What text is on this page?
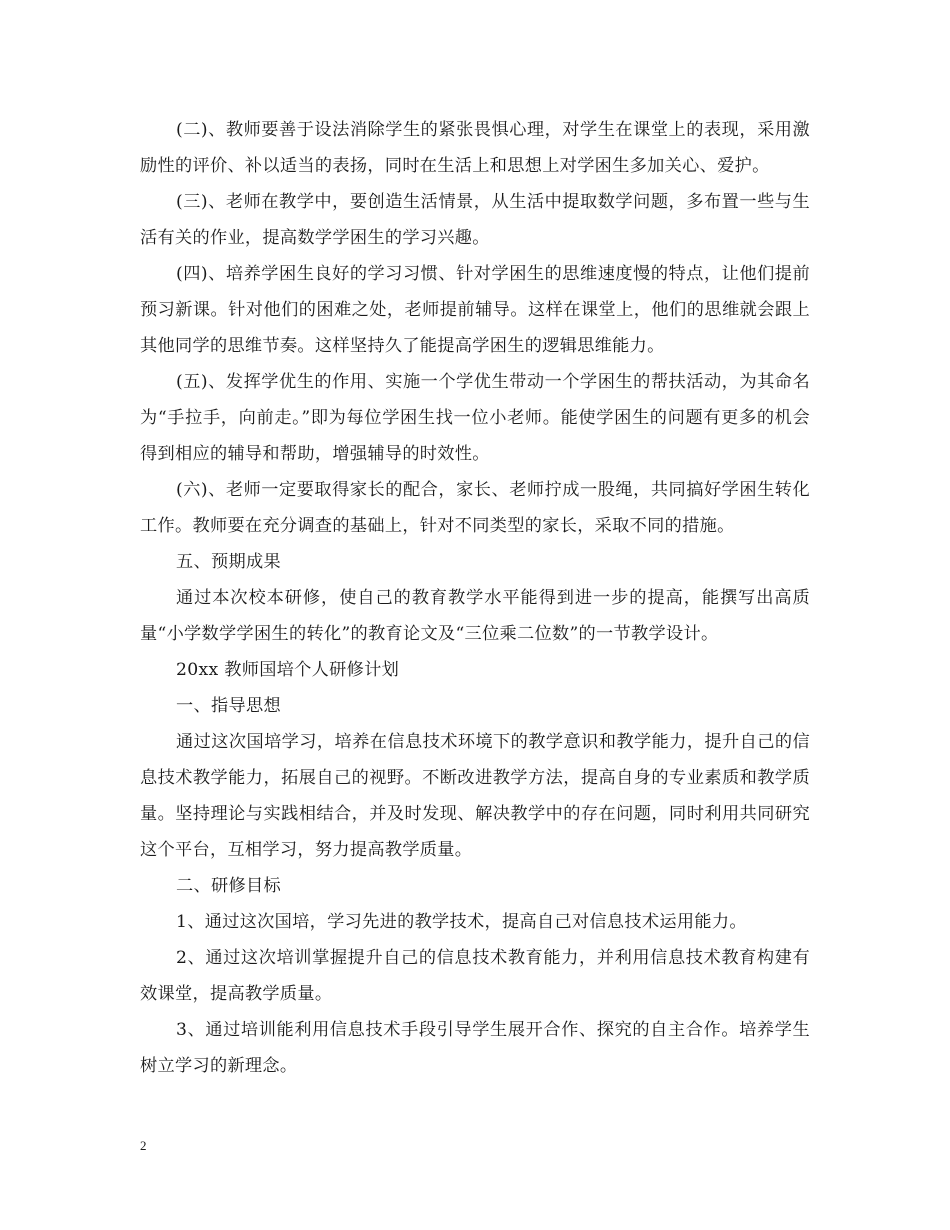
(二)、教师要善于设法消除学生的紧张畏惧心理，对学生在课堂上的表现，采用激励性的评价、补以适当的表扬，同时在生活上和思想上对学困生多加关心、爱护。

(三)、老师在教学中，要创造生活情景，从生活中提取数学问题，多布置一些与生活有关的作业，提高数学学困生的学习兴趣。

(四)、培养学困生良好的学习习惯、针对学困生的思维速度慢的特点，让他们提前预习新课。针对他们的困难之处，老师提前辅导。这样在课堂上，他们的思维就会跟上其他同学的思维节奏。这样坚持久了能提高学困生的逻辑思维能力。

(五)、发挥学优生的作用、实施一个学优生带动一个学困生的帮扶活动，为其命名为“手拉手，向前走。”即为每位学困生找一位小老师。能使学困生的问题有更多的机会得到相应的辅导和帮助，增强辅导的时效性。

(六)、老师一定要取得家长的配合，家长、老师拧成一股绳，共同搞好学困生转化工作。教师要在充分调查的基础上，针对不同类型的家长，采取不同的措施。

五、预期成果

通过本次校本研修，使自己的教育教学水平能得到进一步的提高，能撰写出高质量“小学数学学困生的转化”的教育论文及“三位乘二位数”的一节教学设计。

20xx 教师国培个人研修计划

一、指导思想

通过这次国培学习，培养在信息技术环境下的教学意识和教学能力，提升自己的信息技术教学能力，拓展自己的视野。不断改进教学方法，提高自身的专业素质和教学质量。坚持理论与实践相结合，并及时发现、解决教学中的存在问题，同时利用共同研究这个平台，互相学习，努力提高教学质量。

二、研修目标

1、通过这次国培，学习先进的教学技术，提高自己对信息技术运用能力。

2、通过这次培训掌握提升自己的信息技术教育能力，并利用信息技术教育构建有效课堂，提高教学质量。

3、通过培训能利用信息技术手段引导学生展开合作、探究的自主合作。培养学生树立学习的新理念。

2
